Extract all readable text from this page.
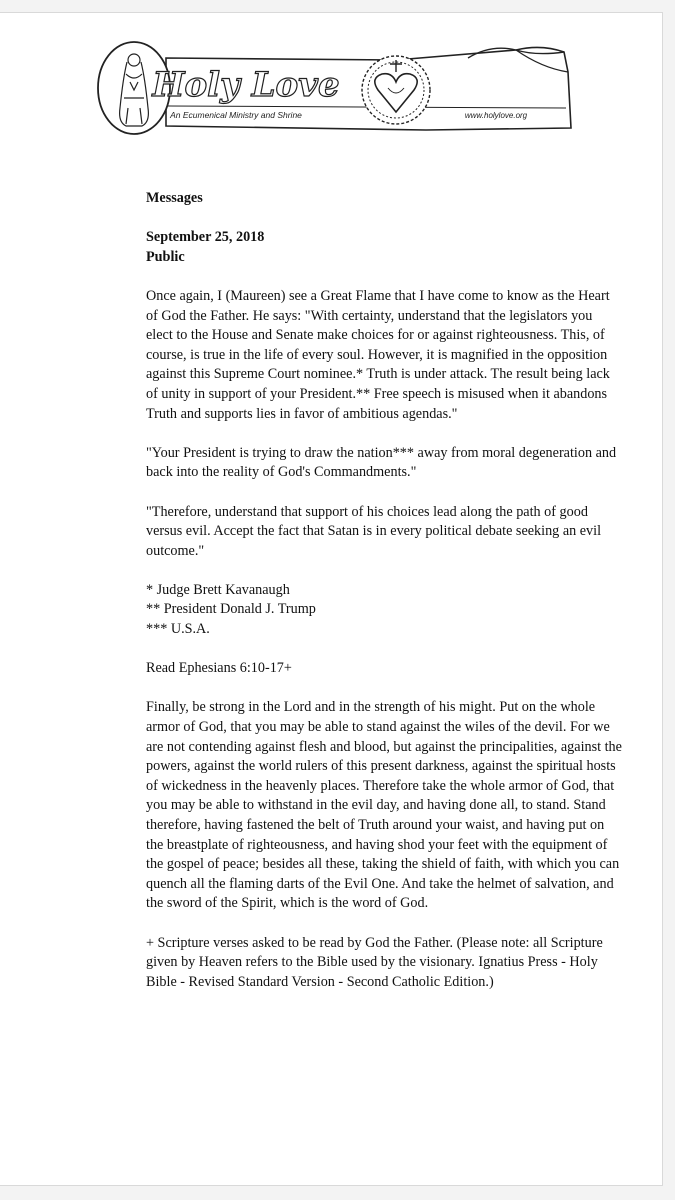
Holy Love
An Ecumenical Ministry and Shrine	www.holylove.org

Messages

September 25, 2018

Public

Once again, I (Maureen) see a Great Flame that I have come to know as the Heart of God the Father. He says: "With certainty, understand that the legislators you elect to the House and Senate make choices for or against righteousness. This, of course, is true in the life of every soul. However, it is magnified in the opposition against this Supreme Court nominee.* Truth is under attack. The result being lack of unity in support of your President.** Free speech is misused when it abandons Truth and supports lies in favor of ambitious agendas."

"Your President is trying to draw the nation*** away from moral degeneration and back into the reality of God's Commandments."

"Therefore, understand that support of his choices lead along the path of good versus evil. Accept the fact that Satan is in every political debate seeking an evil outcome."

* Judge Brett Kavanaugh

** President Donald J. Trump

*** U.S.A.

Read Ephesians 6:10-17+

Finally, be strong in the Lord and in the strength of his might. Put on the whole armor of God, that you may be able to stand against the wiles of the devil. For we are not contending against flesh and blood, but against the principalities, against the powers, against the world rulers of this present darkness, against the spiritual hosts of wickedness in the heavenly places. Therefore take the whole armor of God, that you may be able to withstand in the evil day, and having done all, to stand. Stand therefore, having fastened the belt of Truth around your waist, and having put on the breastplate of righteousness, and having shod your feet with the equipment of the gospel of peace; besides all these, taking the shield of faith, with which you can quench all the flaming darts of the Evil One. And take the helmet of salvation, and the sword of the Spirit, which is the word of God.

+ Scripture verses asked to be read by God the Father. (Please note: all Scripture given by Heaven refers to the Bible used by the visionary. Ignatius Press - Holy Bible - Revised Standard Version - Second Catholic Edition.)
